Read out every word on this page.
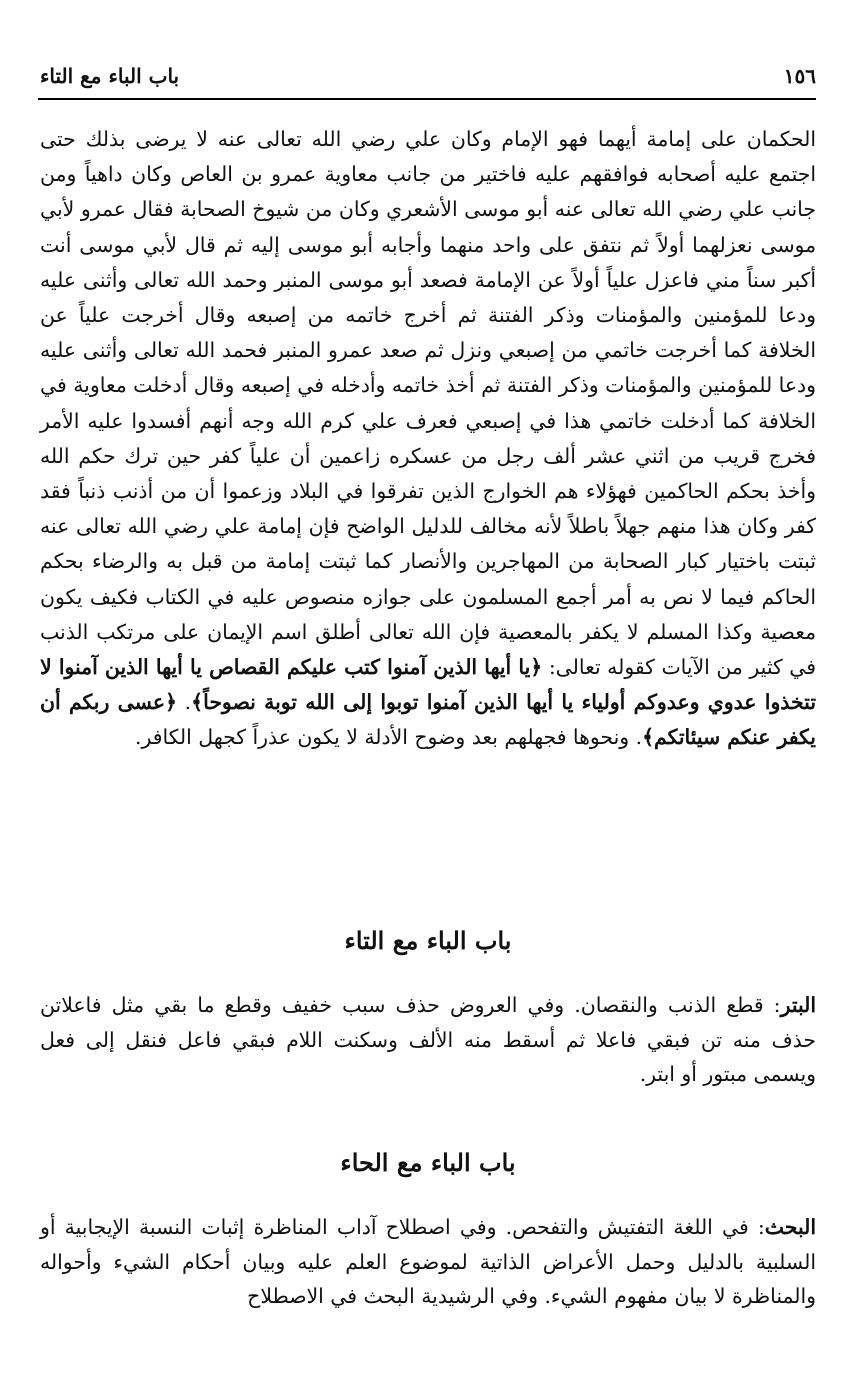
١٥٦
باب الباء مع التاء

الحكمان على إمامة أيهما فهو الإمام وكان علي رضي الله تعالى عنه لا يرضى بذلك حتى اجتمع عليه أصحابه فوافقهم عليه فاختير من جانب معاوية عمرو بن العاص وكان داهياً ومن جانب علي رضي الله تعالى عنه أبو موسى الأشعري وكان من شيوخ الصحابة فقال عمرو لأبي موسى نعزلهما أولاً ثم نتفق على واحد منهما وأجابه أبو موسى إليه ثم قال لأبي موسى أنت أكبر سناً مني فاعزل علياً أولاً عن الإمامة فصعد أبو موسى المنبر وحمد الله تعالى وأثنى عليه ودعا للمؤمنين والمؤمنات وذكر الفتنة ثم أخرج خاتمه من إصبعه وقال أخرجت علياً عن الخلافة كما أخرجت خاتمي من إصبعي ونزل ثم صعد عمرو المنبر فحمد الله تعالى وأثنى عليه ودعا للمؤمنين والمؤمنات وذكر الفتنة ثم أخذ خاتمه وأدخله في إصبعه وقال أدخلت معاوية في الخلافة كما أدخلت خاتمي هذا في إصبعي فعرف علي كرم الله وجه أنهم أفسدوا عليه الأمر فخرج قريب من اثني عشر ألف رجل من عسكره زاعمين أن علياً كفر حين ترك حكم الله وأخذ بحكم الحاكمين فهؤلاء هم الخوارج الذين تفرقوا في البلاد وزعموا أن من أذنب ذنباً فقد كفر وكان هذا منهم جهلاً باطلاً لأنه مخالف للدليل الواضح فإن إمامة علي رضي الله تعالى عنه ثبتت باختيار كبار الصحابة من المهاجرين والأنصار كما ثبتت إمامة من قبل به والرضاء بحكم الحاكم فيما لا نص به أمر أجمع المسلمون على جوازه منصوص عليه في الكتاب فكيف يكون معصية وكذا المسلم لا يكفر بالمعصية فإن الله تعالى أطلق اسم الإيمان على مرتكب الذنب في كثير من الآيات كقوله تعالى: ﴿يا أيها الذين آمنوا كتب عليكم القصاص يا أيها الذين آمنوا لا تتخذوا عدوي وعدوكم أولياء يا أيها الذين آمنوا توبوا إلى الله توبة نصوحاً﴾. ﴿عسى ربكم أن يكفر عنكم سيئاتكم﴾. ونحوها فجهلهم بعد وضوح الأدلة لا يكون عذراً كجهل الكافر.

باب الباء مع التاء

البتر: قطع الذنب والنقصان. وفي العروض حذف سبب خفيف وقطع ما بقي مثل فاعلاتن حذف منه تن فبقي فاعلا ثم أسقط منه الألف وسكنت اللام فبقي فاعل فنقل إلى فعل ويسمى مبتور أو ابتر.

باب الباء مع الحاء

البحث: في اللغة التفتيش والتفحص. وفي اصطلاح آداب المناظرة إثبات النسبة الإيجابية أو السلبية بالدليل وحمل الأعراض الذاتية لموضوع العلم عليه وبيان أحكام الشيء وأحواله والمناظرة لا بيان مفهوم الشيء. وفي الرشيدية البحث في الاصطلاح
